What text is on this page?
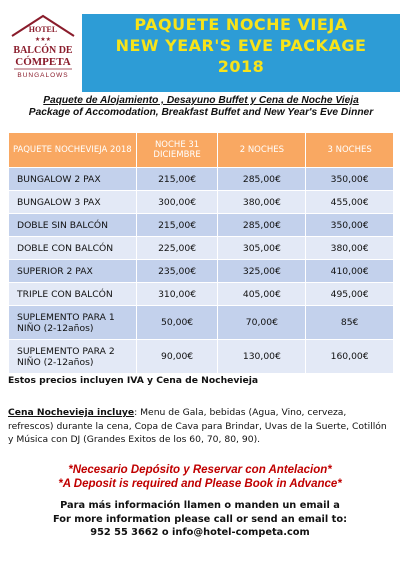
HOTEL
★★★
BALCÓN DE
CÓMPETA
BUNGALOWS
PAQUETE NOCHE VIEJA
NEW YEAR'S EVE PACKAGE
2018
Paquete de Alojamiento , Desayuno Buffet y Cena de Noche Vieja
Package of Accomodation, Breakfast Buffet and New Year's Eve Dinner
PAQUETE NOCHEVIEJA 2018	NOCHE 31 DICIEMBRE	2 NOCHES	3 NOCHES
BUNGALOW 2 PAX	215,00€	285,00€	350,00€
BUNGALOW 3 PAX	300,00€	380,00€	455,00€
DOBLE SIN BALCÓN	215,00€	285,00€	350,00€
DOBLE CON BALCÓN	225,00€	305,00€	380,00€
SUPERIOR 2 PAX	235,00€	325,00€	410,00€
TRIPLE CON BALCÓN	310,00€	405,00€	495,00€
SUPLEMENTO PARA 1 NIÑO (2-12años)	50,00€	70,00€	85€
SUPLEMENTO PARA 2 NIÑO (2-12años)	90,00€	130,00€	160,00€
Estos precios incluyen IVA y Cena de Nochevieja
Cena Nochevieja incluye: Menu de Gala, bebidas (Agua, Vino, cerveza, refrescos) durante la cena, Copa de Cava para Brindar, Uvas de la Suerte, Cotillón y Música con DJ (Grandes Exitos de los 60, 70, 80, 90).
*Necesario Depósito y Reservar con Antelacion*
*A Deposit is required and Please Book in Advance*
Para más información llamen o manden un email a
For more information please call or send an email to:
952 55 3662 o info@hotel-competa.com
